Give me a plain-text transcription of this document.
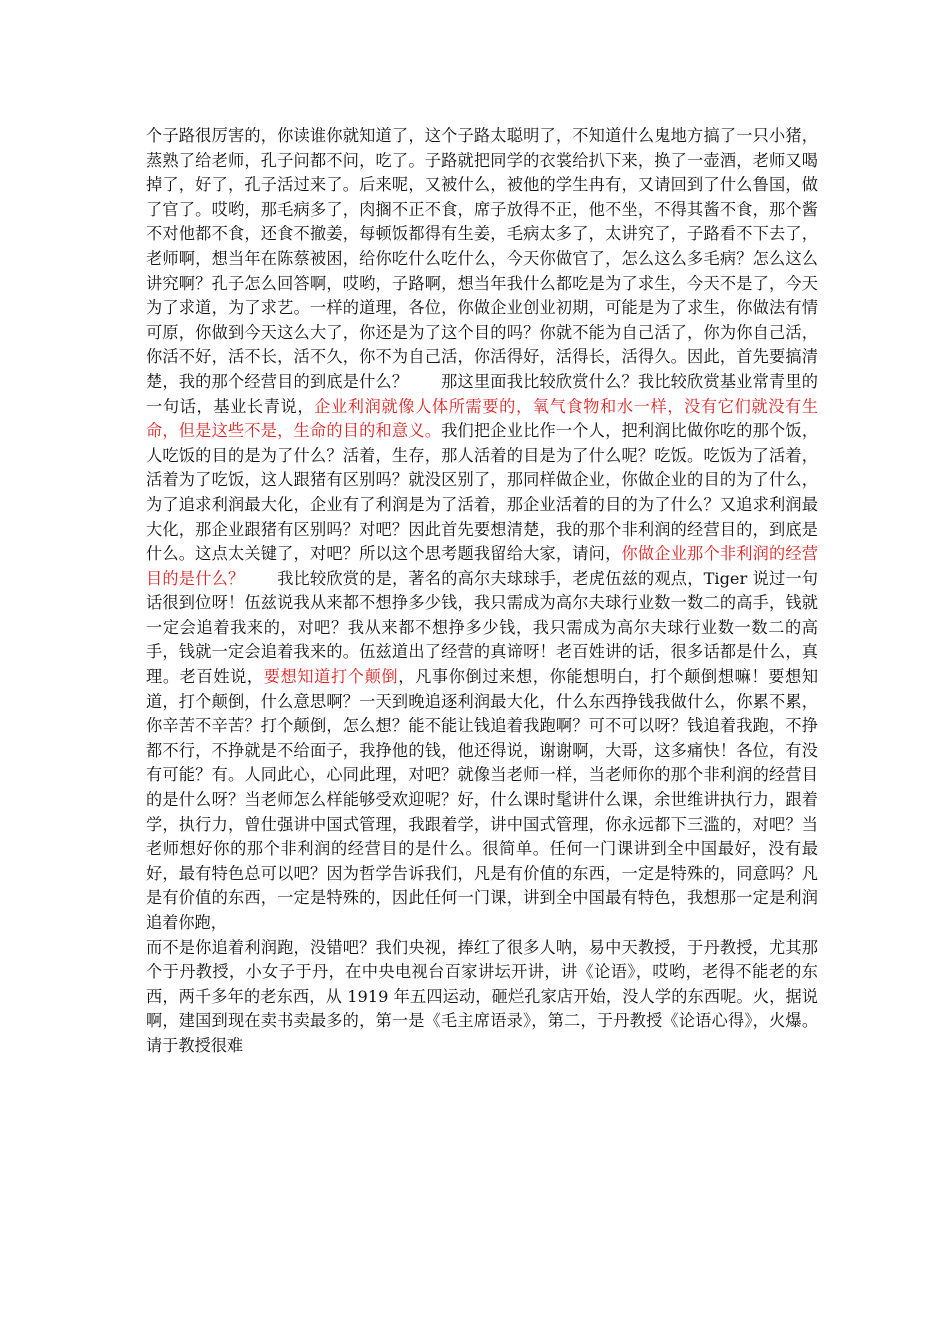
个子路很厉害的，你读谁你就知道了，这个子路太聪明了，不知道什么鬼地方搞了一只小猪，蒸熟了给老师，孔子问都不问，吃了。子路就把同学的衣裳给扒下来，换了一壶酒，老师又喝掉了，好了，孔子活过来了。后来呢，又被什么，被他的学生冉有，又请回到了什么鲁国，做了官了。哎哟，那毛病多了，肉搁不正不食，席子放得不正，他不坐，不得其酱不食，那个酱不对他都不食，还食不撤姜，每顿饭都得有生姜，毛病太多了，太讲究了，子路看不下去了，老师啊，想当年在陈蔡被困，给你吃什么吃什么，今天你做官了，怎么这么多毛病？怎么这么讲究啊？孔子怎么回答啊，哎哟，子路啊，想当年我什么都吃是为了求生，今天不是了，今天为了求道，为了求艺。一样的道理，各位，你做企业创业初期，可能是为了求生，你做法有情可原，你做到今天这么大了，你还是为了这个目的吗？你就不能为自己活了，你为你自己活，你活不好，活不长，活不久，你不为自己活，你活得好，活得长，活得久。因此，首先要搞清楚，我的那个经营目的到底是什么？　　那这里面我比较欣赏什么？我比较欣赏基业常青里的一句话，基业长青说，企业利润就像人体所需要的，氧气食物和水一样，没有它们就没有生命，但是这些不是，生命的目的和意义。我们把企业比作一个人，把利润比做你吃的那个饭，人吃饭的目的是为了什么？活着，生存，那人活着的目是为了什么呢？吃饭。吃饭为了活着，活着为了吃饭，这人跟猪有区别吗？就没区别了，那同样做企业，你做企业的目的为了什么，为了追求利润最大化，企业有了利润是为了活着，那企业活着的目的为了什么？又追求利润最大化，那企业跟猪有区别吗？对吧？因此首先要想清楚，我的那个非利润的经营目的，到底是什么。这点太关键了，对吧？所以这个思考题我留给大家，请问，你做企业那个非利润的经营目的是什么？　　我比较欣赏的是，著名的高尔夫球球手，老虎伍兹的观点，Tiger 说过一句话很到位呀！伍兹说我从来都不想挣多少钱，我只需成为高尔夫球行业数一数二的高手，钱就一定会追着我来的，对吧？我从来都不想挣多少钱，我只需成为高尔夫球行业数一数二的高手，钱就一定会追着我来的。伍兹道出了经营的真谛呀！老百姓讲的话，很多话都是什么，真理。老百姓说，要想知道打个颠倒，凡事你倒过来想，你能想明白，打个颠倒想嘛！要想知道，打个颠倒，什么意思啊？一天到晚追逐利润最大化，什么东西挣钱我做什么，你累不累，你辛苦不辛苦？打个颠倒，怎么想？能不能让钱追着我跑啊？可不可以呀？钱追着我跑，不挣都不行，不挣就是不给面子，我挣他的钱，他还得说，谢谢啊，大哥，这多痛快！各位，有没有可能？有。人同此心，心同此理，对吧？就像当老师一样，当老师你的那个非利润的经营目的是什么呀？当老师怎么样能够受欢迎呢？好，什么课时髦讲什么课，余世维讲执行力，跟着学，执行力，曾仕强讲中国式管理，我跟着学，讲中国式管理，你永远都下三滥的，对吧？当老师想好你的那个非利润的经营目的是什么。很简单。任何一门课讲到全中国最好，没有最好，最有特色总可以吧？因为哲学告诉我们，凡是有价值的东西，一定是特殊的，同意吗？凡是有价值的东西，一定是特殊的，因此任何一门课，讲到全中国最有特色，我想那一定是利润追着你跑，

而不是你追着利润跑，没错吧？我们央视，捧红了很多人呐，易中天教授，于丹教授，尤其那个于丹教授，小女子于丹，在中央电视台百家讲坛开讲，讲《论语》，哎哟，老得不能老的东西，两千多年的老东西，从 1919 年五四运动，砸烂孔家店开始，没人学的东西呢。火，据说啊，建国到现在卖书卖最多的，第一是《毛主席语录》，第二，于丹教授《论语心得》，火爆。请于教授很难
